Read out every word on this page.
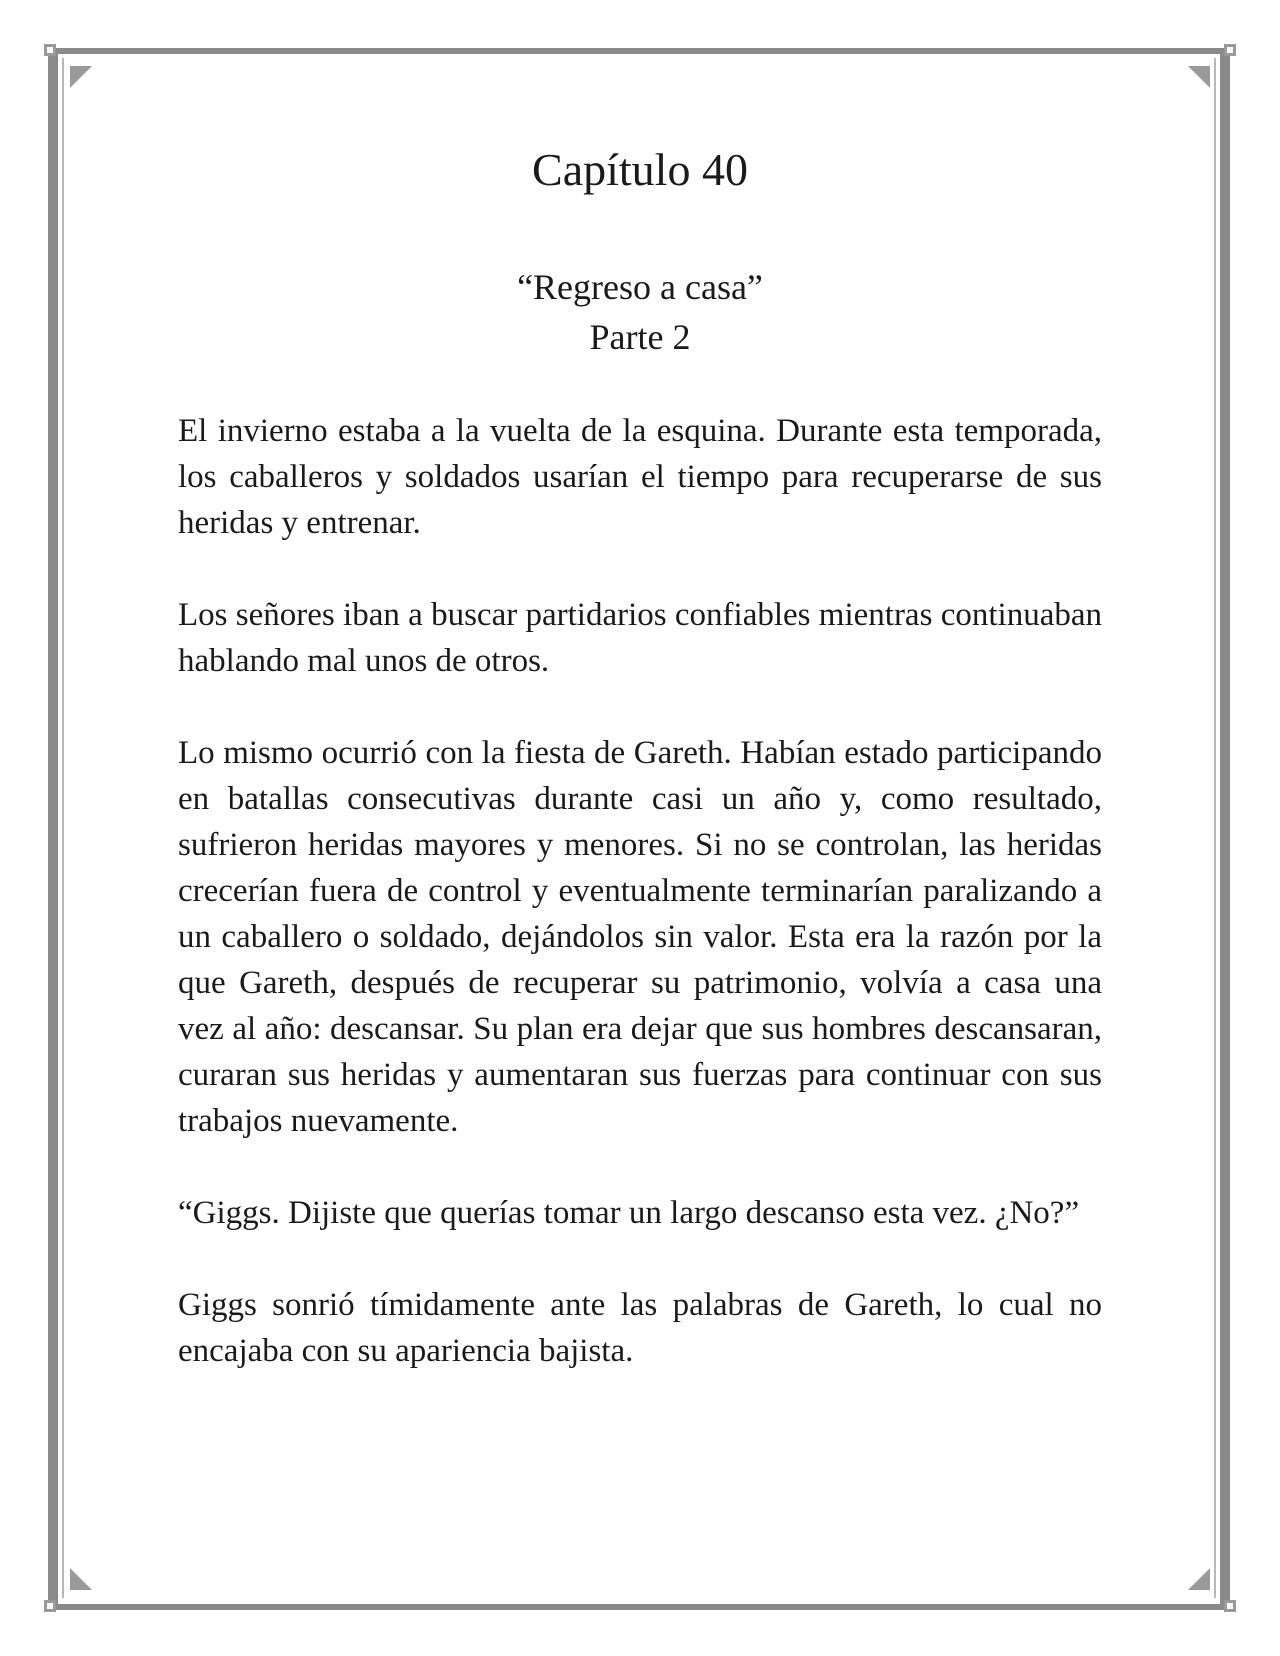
Capítulo 40
“Regreso a casa”
Parte 2

El invierno estaba a la vuelta de la esquina. Durante esta temporada, los caballeros y soldados usarían el tiempo para recuperarse de sus heridas y entrenar.

Los señores iban a buscar partidarios confiables mientras continuaban hablando mal unos de otros.

Lo mismo ocurrió con la fiesta de Gareth. Habían estado participando en batallas consecutivas durante casi un año y, como resultado, sufrieron heridas mayores y menores. Si no se controlan, las heridas crecerían fuera de control y eventualmente terminarían paralizando a un caballero o soldado, dejándolos sin valor. Esta era la razón por la que Gareth, después de recuperar su patrimonio, volvía a casa una vez al año: descansar. Su plan era dejar que sus hombres descansaran, curaran sus heridas y aumentaran sus fuerzas para continuar con sus trabajos nuevamente.

“Giggs. Dijiste que querías tomar un largo descanso esta vez. ¿No?”

Giggs sonrió tímidamente ante las palabras de Gareth, lo cual no encajaba con su apariencia bajista.
